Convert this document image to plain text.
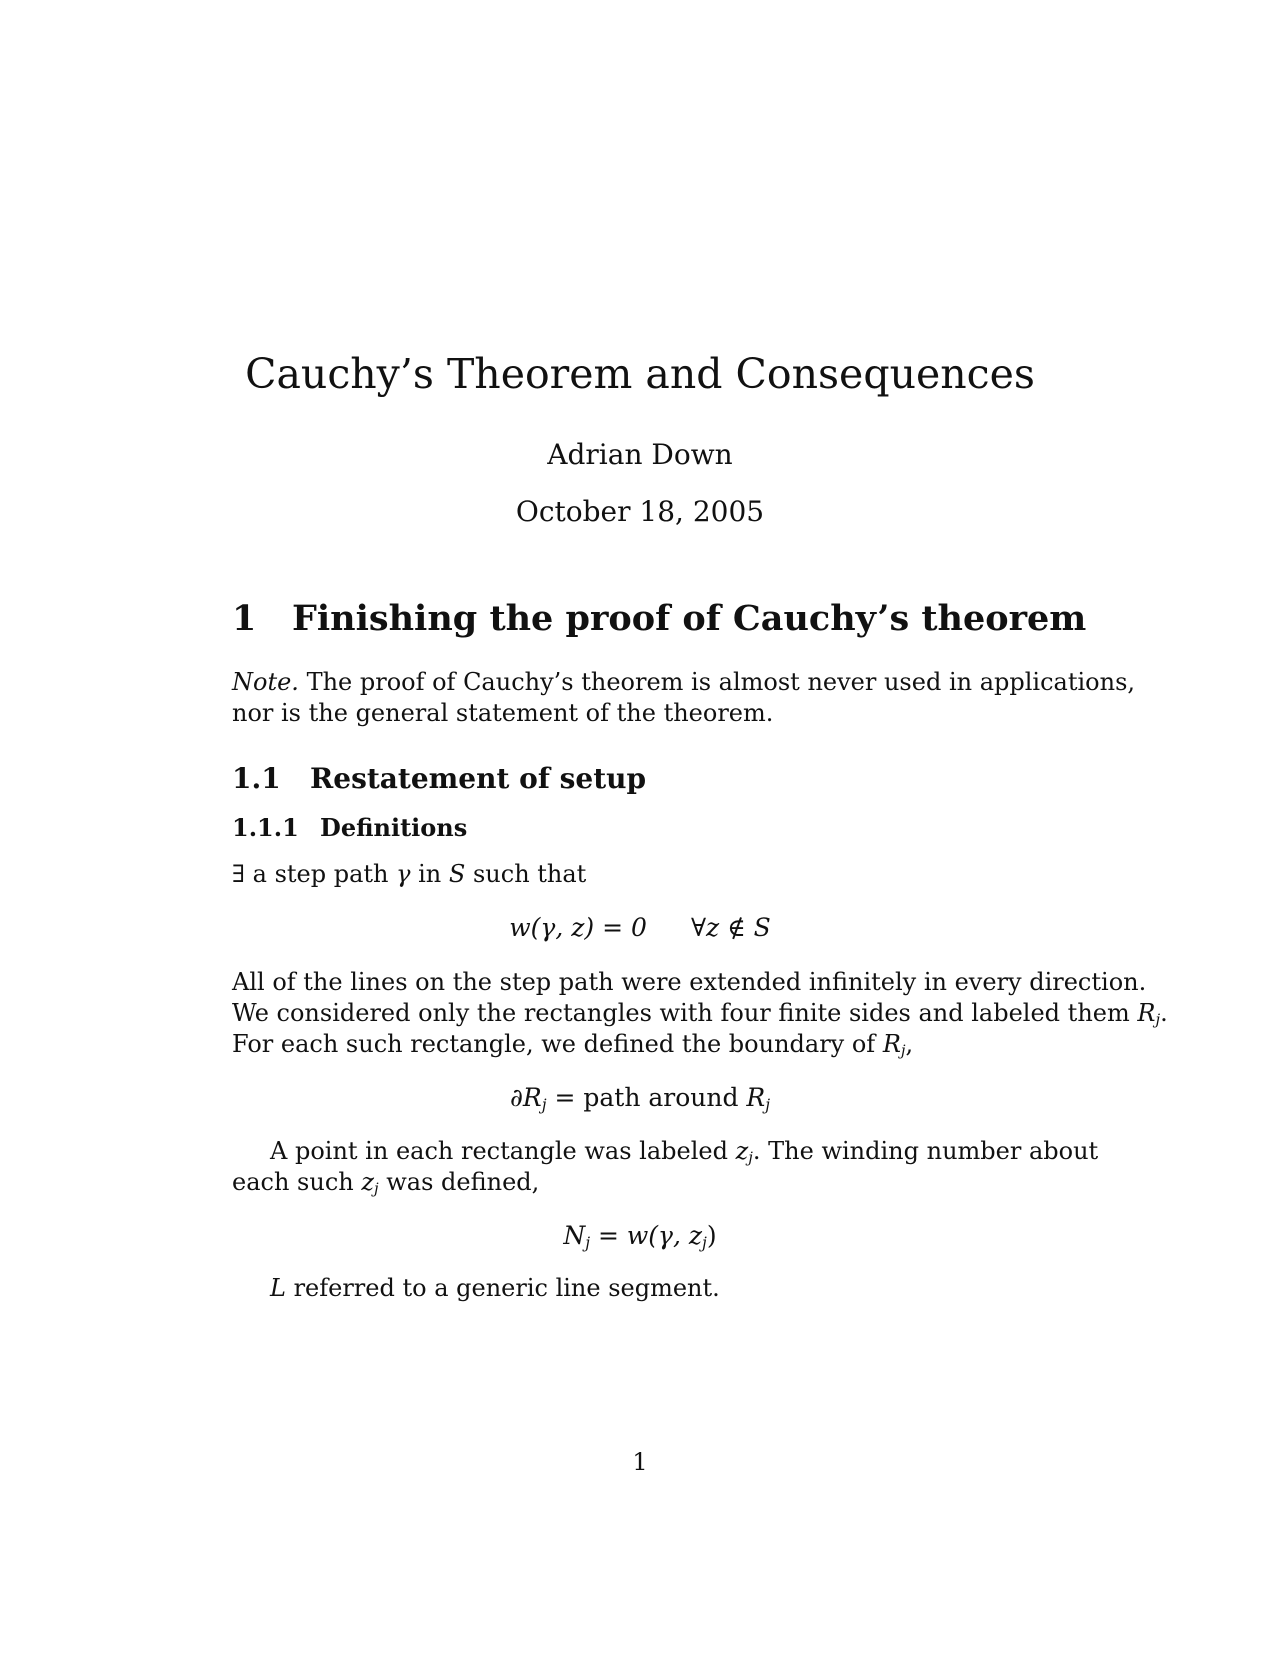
Cauchy’s Theorem and Consequences
Adrian Down
October 18, 2005
1 Finishing the proof of Cauchy’s theorem
Note. The proof of Cauchy’s theorem is almost never used in applications,
nor is the general statement of the theorem.
1.1 Restatement of setup
1.1.1 Definitions
∃ a step path γ in S such that
w(γ, z) = 0 ∀z ∉ S
All of the lines on the step path were extended infinitely in every direction.
We considered only the rectangles with four finite sides and labeled them $R_j$.
For each such rectangle, we defined the boundary of $R_j$,
$\partial R_j$ = path around $R_j$
A point in each rectangle was labeled $z_j$. The winding number about
each such $z_j$ was defined,
$N_j = w(\gamma$, $z_j$)
L referred to a generic line segment.
1
